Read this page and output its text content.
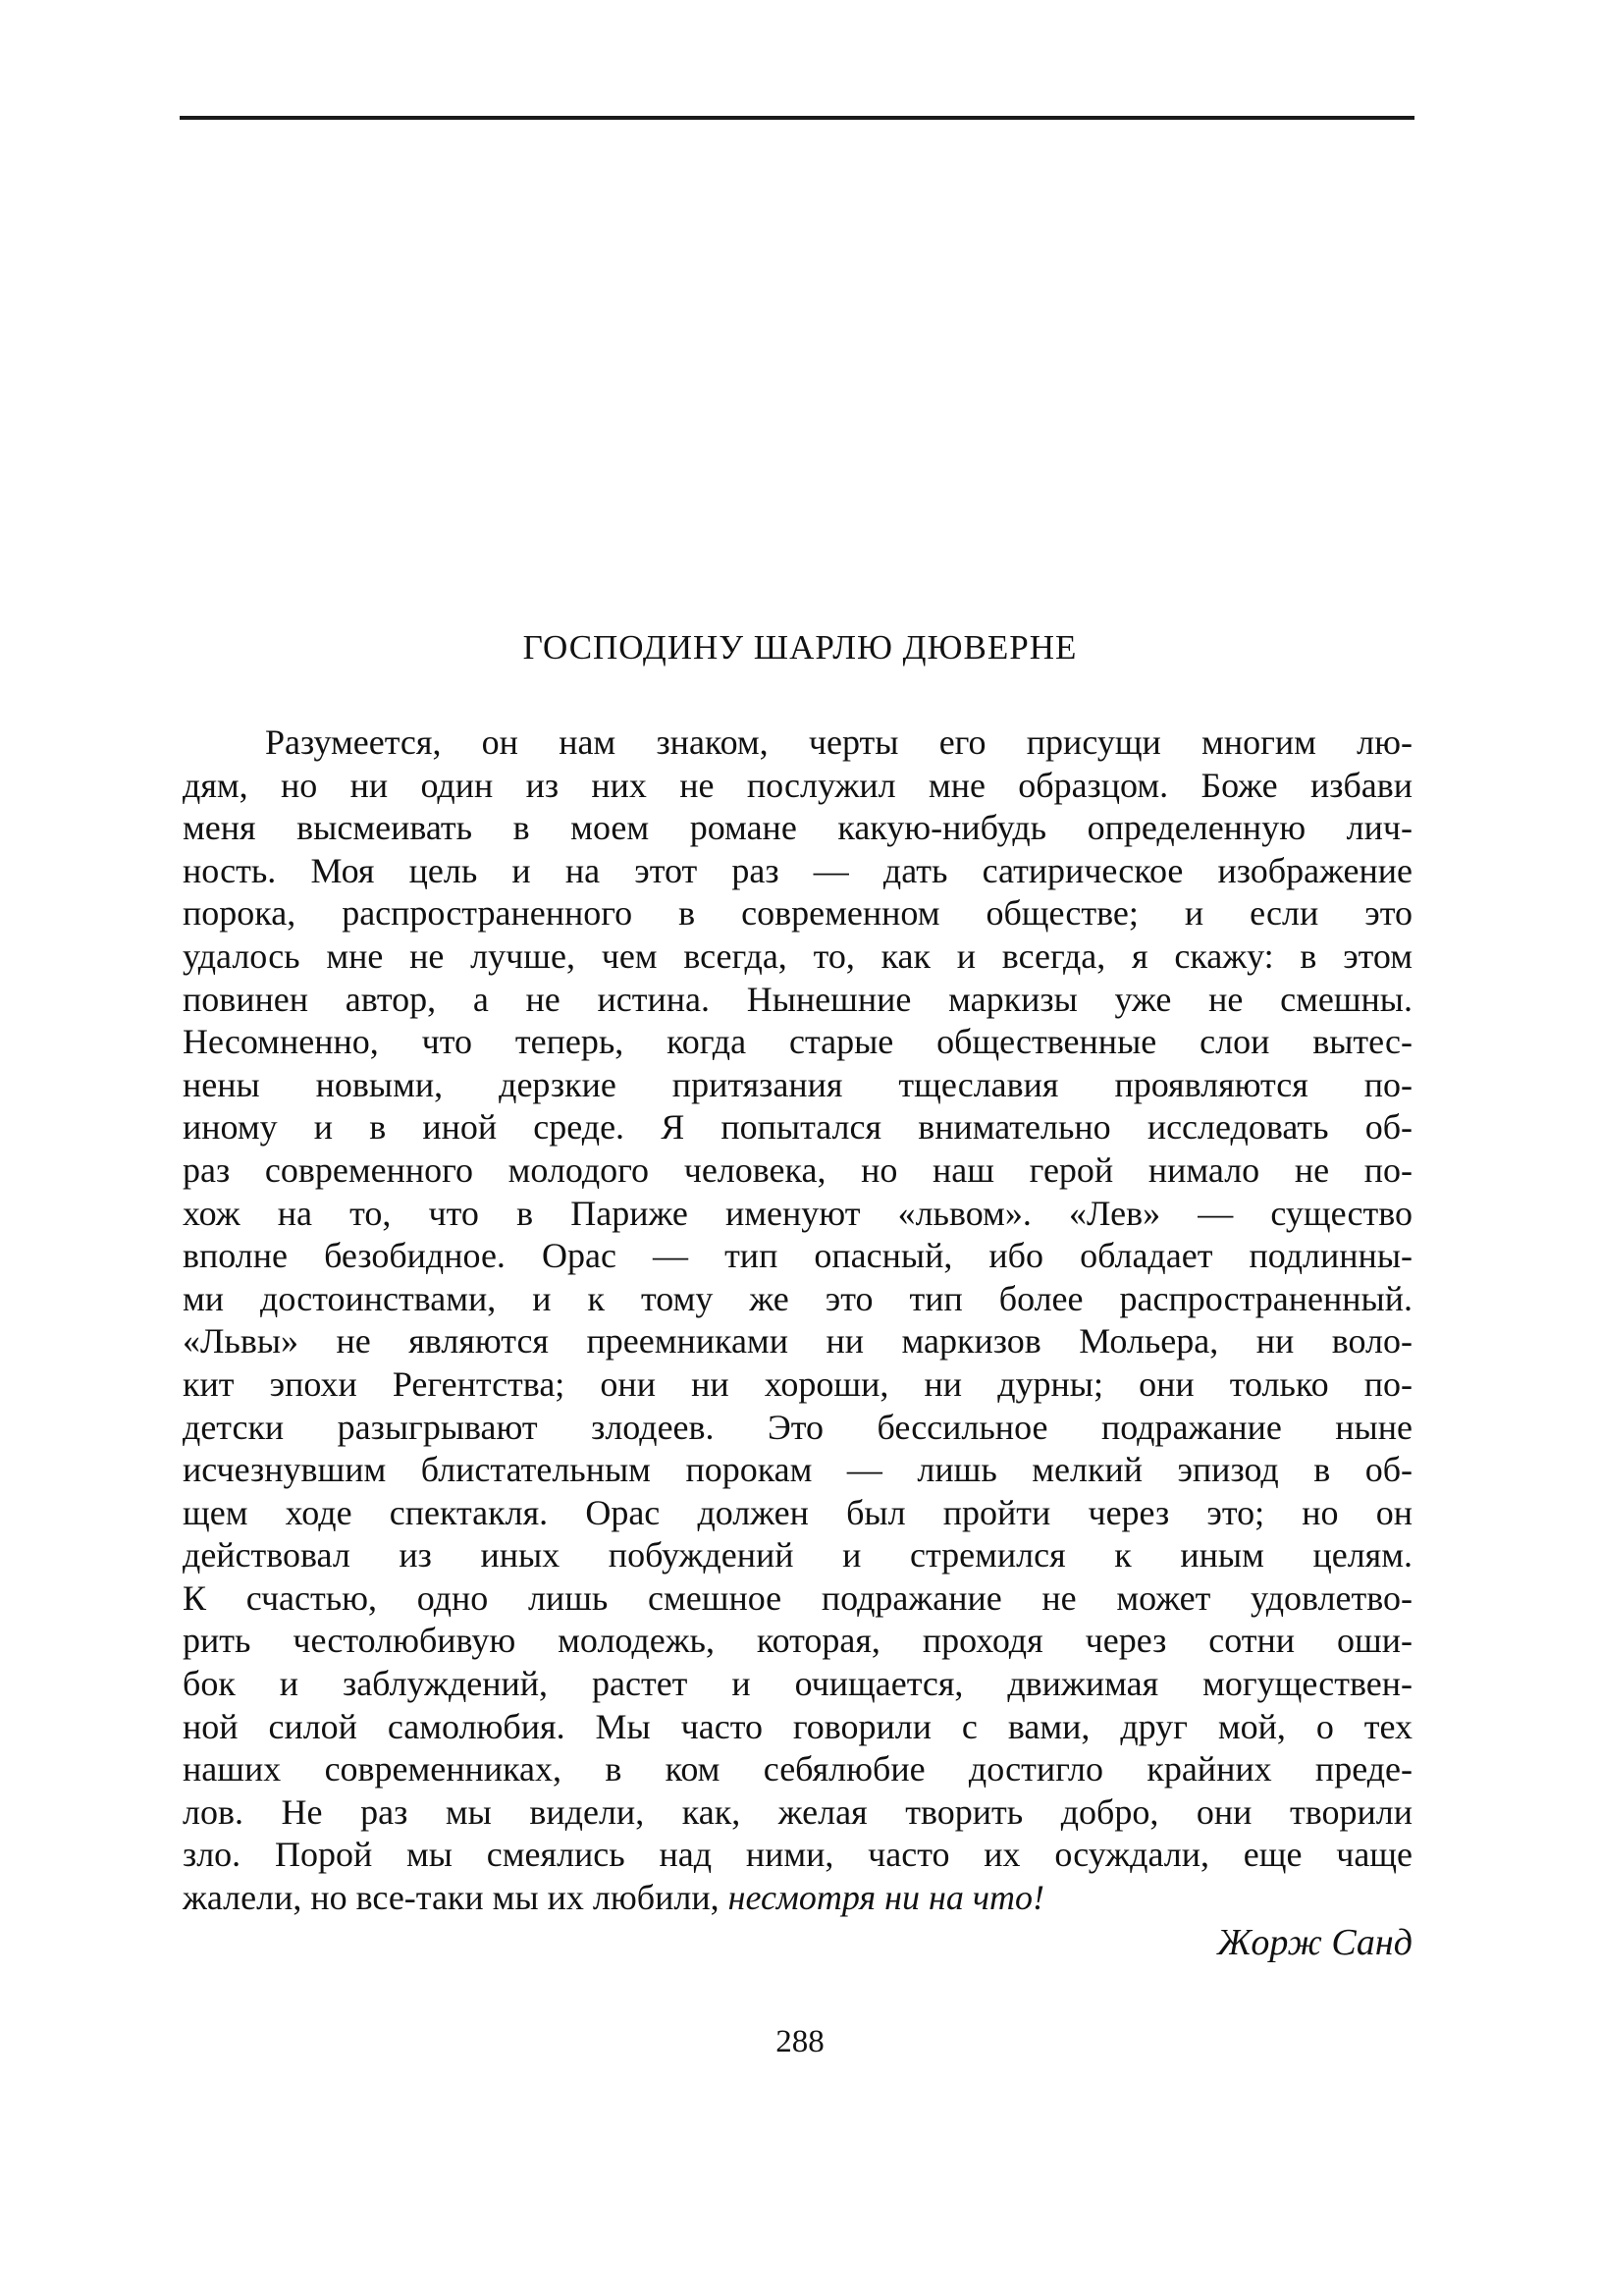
ГОСПОДИНУ ШАРЛЮ ДЮВЕРНЕ
Разумеется, он нам знаком, черты его присущи многим лю-
дям, но ни один из них не послужил мне образцом. Боже избави
меня высмеивать в моем романе какую-нибудь определенную лич-
ность. Моя цель и на этот раз — дать сатирическое изображение
порока, распространенного в современном обществе; и если это
удалось мне не лучше, чем всегда, то, как и всегда, я скажу: в этом
повинен автор, а не истина. Нынешние маркизы уже не смешны.
Несомненно, что теперь, когда старые общественные слои вытес-
нены новыми, дерзкие притязания тщеславия проявляются по-
иному и в иной среде. Я попытался внимательно исследовать об-
раз современного молодого человека, но наш герой нимало не по-
хож на то, что в Париже именуют «львом». «Лев» — существо
вполне безобидное. Орас — тип опасный, ибо обладает подлинны-
ми достоинствами, и к тому же это тип более распространенный.
«Львы» не являются преемниками ни маркизов Мольера, ни воло-
кит эпохи Регентства; они ни хороши, ни дурны; они только по-
детски разыгрывают злодеев. Это бессильное подражание ныне
исчезнувшим блистательным порокам — лишь мелкий эпизод в об-
щем ходе спектакля. Орас должен был пройти через это; но он
действовал из иных побуждений и стремился к иным целям.
К счастью, одно лишь смешное подражание не может удовлетво-
рить честолюбивую молодежь, которая, проходя через сотни оши-
бок и заблуждений, растет и очищается, движимая могуществен-
ной силой самолюбия. Мы часто говорили с вами, друг мой, о тех
наших современниках, в ком себялюбие достигло крайних преде-
лов. Не раз мы видели, как, желая творить добро, они творили
зло. Порой мы смеялись над ними, часто их осуждали, еще чаще
жалели, но все-таки мы их любили, несмотря ни на что!
Жорж Санд
288
